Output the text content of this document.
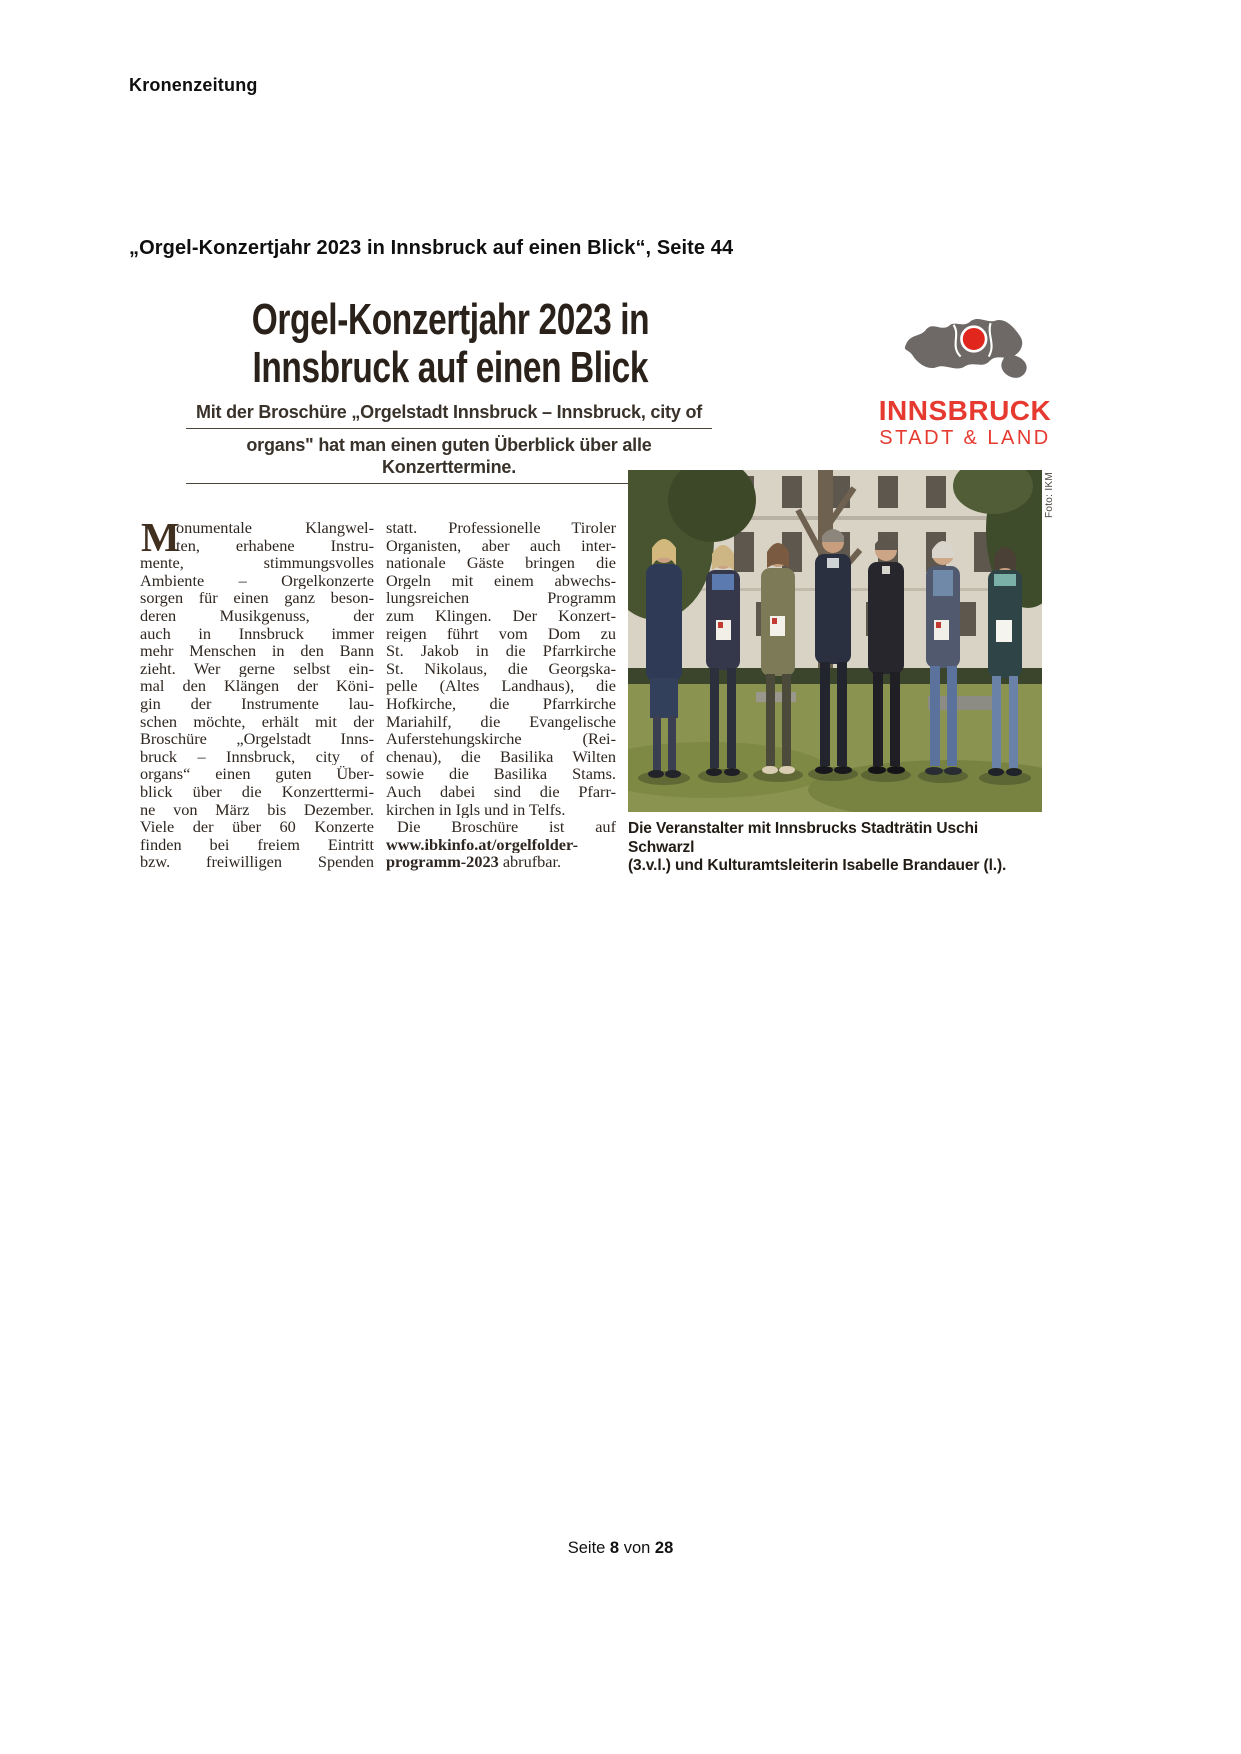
Kronenzeitung
„Orgel-Konzertjahr 2023 in Innsbruck auf einen Blick“, Seite 44
Orgel-Konzertjahr 2023 in
Innsbruck auf einen Blick
Mit der Broschüre „Orgelstadt Innsbruck – Innsbruck, city of
organs" hat man einen guten Überblick über alle Konzerttermine.
M
onumentale Klangwel-
ten, erhabene Instru-
mente, stimmungsvolles
Ambiente – Orgelkonzerte
sorgen für einen ganz beson-
deren Musikgenuss, der
auch in Innsbruck immer
mehr Menschen in den Bann
zieht. Wer gerne selbst ein-
mal den Klängen der Köni-
gin der Instrumente lau-
schen möchte, erhält mit der
Broschüre „Orgelstadt Inns-
bruck – Innsbruck, city of
organs“ einen guten Über-
blick über die Konzerttermi-
ne von März bis Dezember.
Viele der über 60 Konzerte
finden bei freiem Eintritt
bzw. freiwilligen Spenden
statt. Professionelle Tiroler
Organisten, aber auch inter-
nationale Gäste bringen die
Orgeln mit einem abwechs-
lungsreichen Programm
zum Klingen. Der Konzert-
reigen führt vom Dom zu
St. Jakob in die Pfarrkirche
St. Nikolaus, die Georgska-
pelle (Altes Landhaus), die
Hofkirche, die Pfarrkirche
Mariahilf, die Evangelische
Auferstehungskirche (Rei-
chenau), die Basilika Wilten
sowie die Basilika Stams.
Auch dabei sind die Pfarr-
kirchen in Igls und in Telfs.
Die Broschüre ist auf
www.ibkinfo.at/orgelfolder-
programm-2023 abrufbar.
Foto: IKM
Die Veranstalter mit Innsbrucks Stadträtin Uschi Schwarzl
(3.v.l.) und Kulturamtsleiterin Isabelle Brandauer (l.).
INNSBRUCK
STADT & LAND
Seite 8 von 28
